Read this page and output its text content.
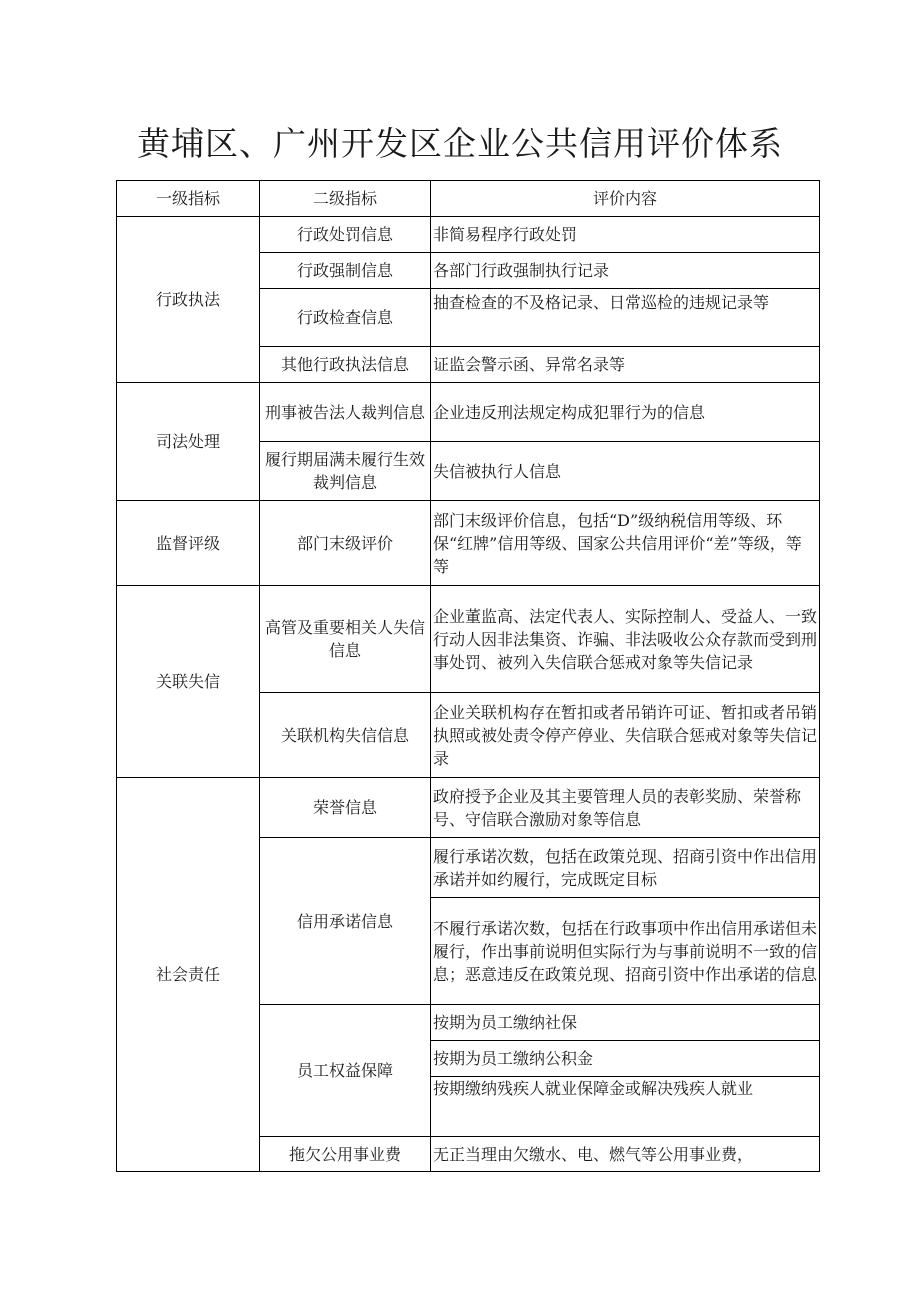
黄埔区、广州开发区企业公共信用评价体系
一级指标	二级指标	评价内容
行政执法	行政处罚信息	非简易程序行政处罚
	行政强制信息	各部门行政强制执行记录
	行政检查信息	抽查检查的不及格记录、日常巡检的违规记录等
	其他行政执法信息	证监会警示函、异常名录等
司法处理	刑事被告法人裁判信息	企业违反刑法规定构成犯罪行为的信息
	履行期届满未履行生效裁判信息	失信被执行人信息
监督评级	部门末级评价	部门末级评价信息，包括“D”级纳税信用等级、环保“红牌”信用等级、国家公共信用评价“差”等级，等等
关联失信	高管及重要相关人失信信息	企业董监高、法定代表人、实际控制人、受益人、一致行动人因非法集资、诈骗、非法吸收公众存款而受到刑事处罚、被列入失信联合惩戒对象等失信记录
	关联机构失信信息	企业关联机构存在暂扣或者吊销许可证、暂扣或者吊销执照或被处责令停产停业、失信联合惩戒对象等失信记录
社会责任	荣誉信息	政府授予企业及其主要管理人员的表彰奖励、荣誉称号、守信联合激励对象等信息
	信用承诺信息	履行承诺次数，包括在政策兑现、招商引资中作出信用承诺并如约履行，完成既定目标
		不履行承诺次数，包括在行政事项中作出信用承诺但未履行，作出事前说明但实际行为与事前说明不一致的信息；恶意违反在政策兑现、招商引资中作出承诺的信息
	员工权益保障	按期为员工缴纳社保
		按期为员工缴纳公积金
		按期缴纳残疾人就业保障金或解决残疾人就业
	拖欠公用事业费	无正当理由欠缴水、电、燃气等公用事业费，
